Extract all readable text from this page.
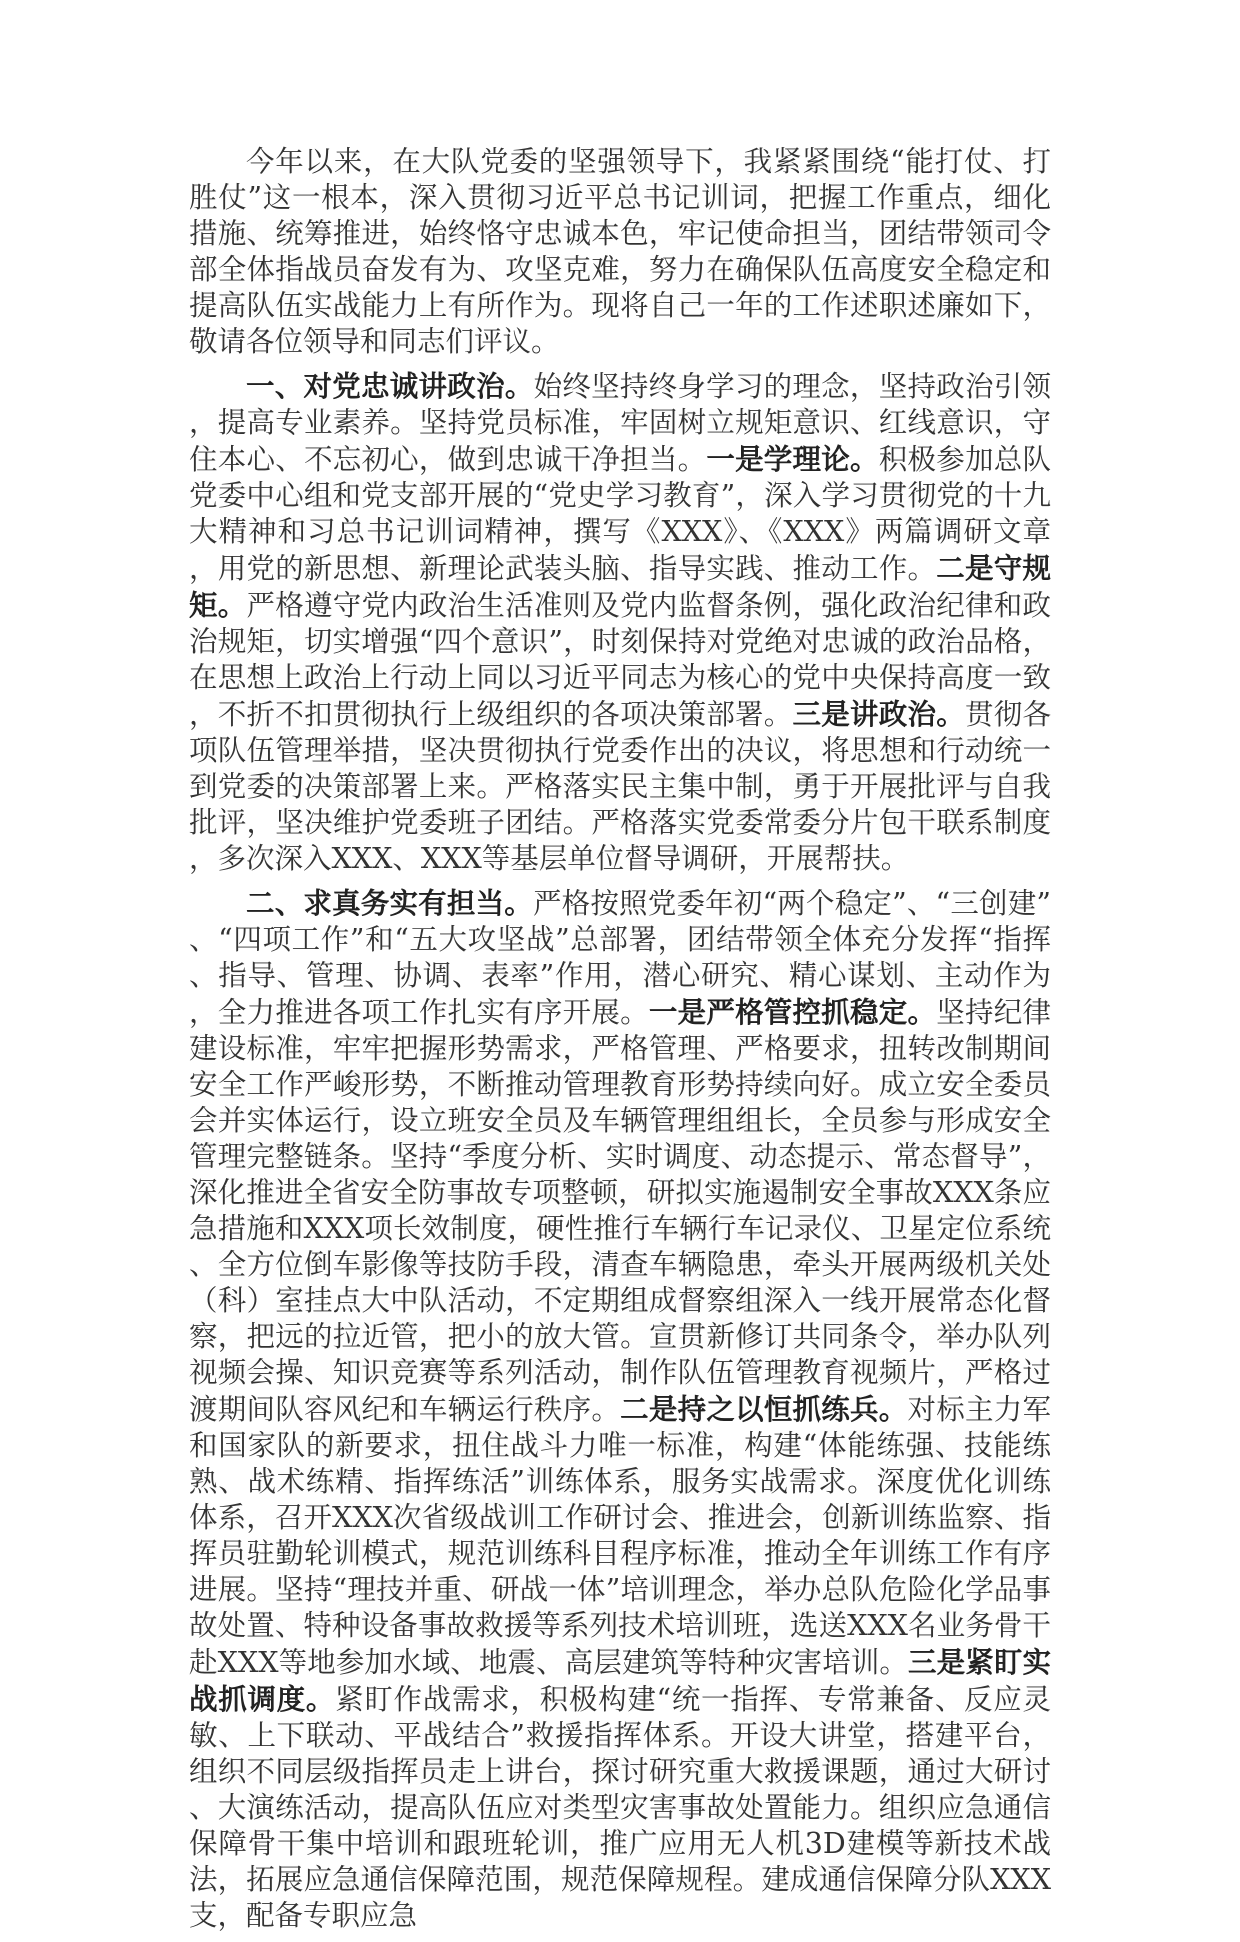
今年以来，在大队党委的坚强领导下，我紧紧围绕“能打仗、打胜仗”这一根本，深入贯彻习近平总书记训词，把握工作重点，细化措施、统筹推进，始终恪守忠诚本色，牢记使命担当，团结带领司令部全体指战员奋发有为、攻坚克难，努力在确保队伍高度安全稳定和提高队伍实战能力上有所作为。现将自己一年的工作述职述廉如下，敬请各位领导和同志们评议。

一、对党忠诚讲政治。始终坚持终身学习的理念，坚持政治引领，提高专业素养。坚持党员标准，牢固树立规矩意识、红线意识，守住本心、不忘初心，做到忠诚干净担当。一是学理论。积极参加总队党委中心组和党支部开展的“党史学习教育”，深入学习贯彻党的十九大精神和习总书记训词精神，撰写《XXX》、《XXX》两篇调研文章，用党的新思想、新理论武装头脑、指导实践、推动工作。二是守规矩。严格遵守党内政治生活准则及党内监督条例，强化政治纪律和政治规矩，切实增强“四个意识”，时刻保持对党绝对忠诚的政治品格，在思想上政治上行动上同以习近平同志为核心的党中央保持高度一致，不折不扣贯彻执行上级组织的各项决策部署。三是讲政治。贯彻各项队伍管理举措，坚决贯彻执行党委作出的决议，将思想和行动统一到党委的决策部署上来。严格落实民主集中制，勇于开展批评与自我批评，坚决维护党委班子团结。严格落实党委常委分片包干联系制度，多次深入XXX、XXX等基层单位督导调研，开展帮扶。

二、求真务实有担当。严格按照党委年初“两个稳定”、“三创建”、“四项工作”和“五大攻坚战”总部署，团结带领全体充分发挥“指挥、指导、管理、协调、表率”作用，潜心研究、精心谋划、主动作为，全力推进各项工作扎实有序开展。一是严格管控抓稳定。坚持纪律建设标准，牢牢把握形势需求，严格管理、严格要求，扭转改制期间安全工作严峻形势，不断推动管理教育形势持续向好。成立安全委员会并实体运行，设立班安全员及车辆管理组组长，全员参与形成安全管理完整链条。坚持“季度分析、实时调度、动态提示、常态督导”，深化推进全省安全防事故专项整顿，研拟实施遏制安全事故XXX条应急措施和XXX项长效制度，硬性推行车辆行车记录仪、卫星定位系统、全方位倒车影像等技防手段，清查车辆隐患，牵头开展两级机关处（科）室挂点大中队活动，不定期组成督察组深入一线开展常态化督察，把远的拉近管，把小的放大管。宣贯新修订共同条令，举办队列视频会操、知识竞赛等系列活动，制作队伍管理教育视频片，严格过渡期间队容风纪和车辆运行秩序。二是持之以恒抓练兵。对标主力军和国家队的新要求，扭住战斗力唯一标准，构建“体能练强、技能练熟、战术练精、指挥练活”训练体系，服务实战需求。深度优化训练体系，召开XXX次省级战训工作研讨会、推进会，创新训练监察、指挥员驻勤轮训模式，规范训练科目程序标准，推动全年训练工作有序进展。坚持“理技并重、研战一体”培训理念，举办总队危险化学品事故处置、特种设备事故救援等系列技术培训班，选送XXX名业务骨干赴XXX等地参加水域、地震、高层建筑等特种灾害培训。三是紧盯实战抓调度。紧盯作战需求，积极构建“统一指挥、专常兼备、反应灵敏、上下联动、平战结合”救援指挥体系。开设大讲堂，搭建平台，组织不同层级指挥员走上讲台，探讨研究重大救援课题，通过大研讨、大演练活动，提高队伍应对类型灾害事故处置能力。组织应急通信保障骨干集中培训和跟班轮训，推广应用无人机3D建模等新技术战法，拓展应急通信保障范围，规范保障规程。建成通信保障分队XXX支，配备专职应急
